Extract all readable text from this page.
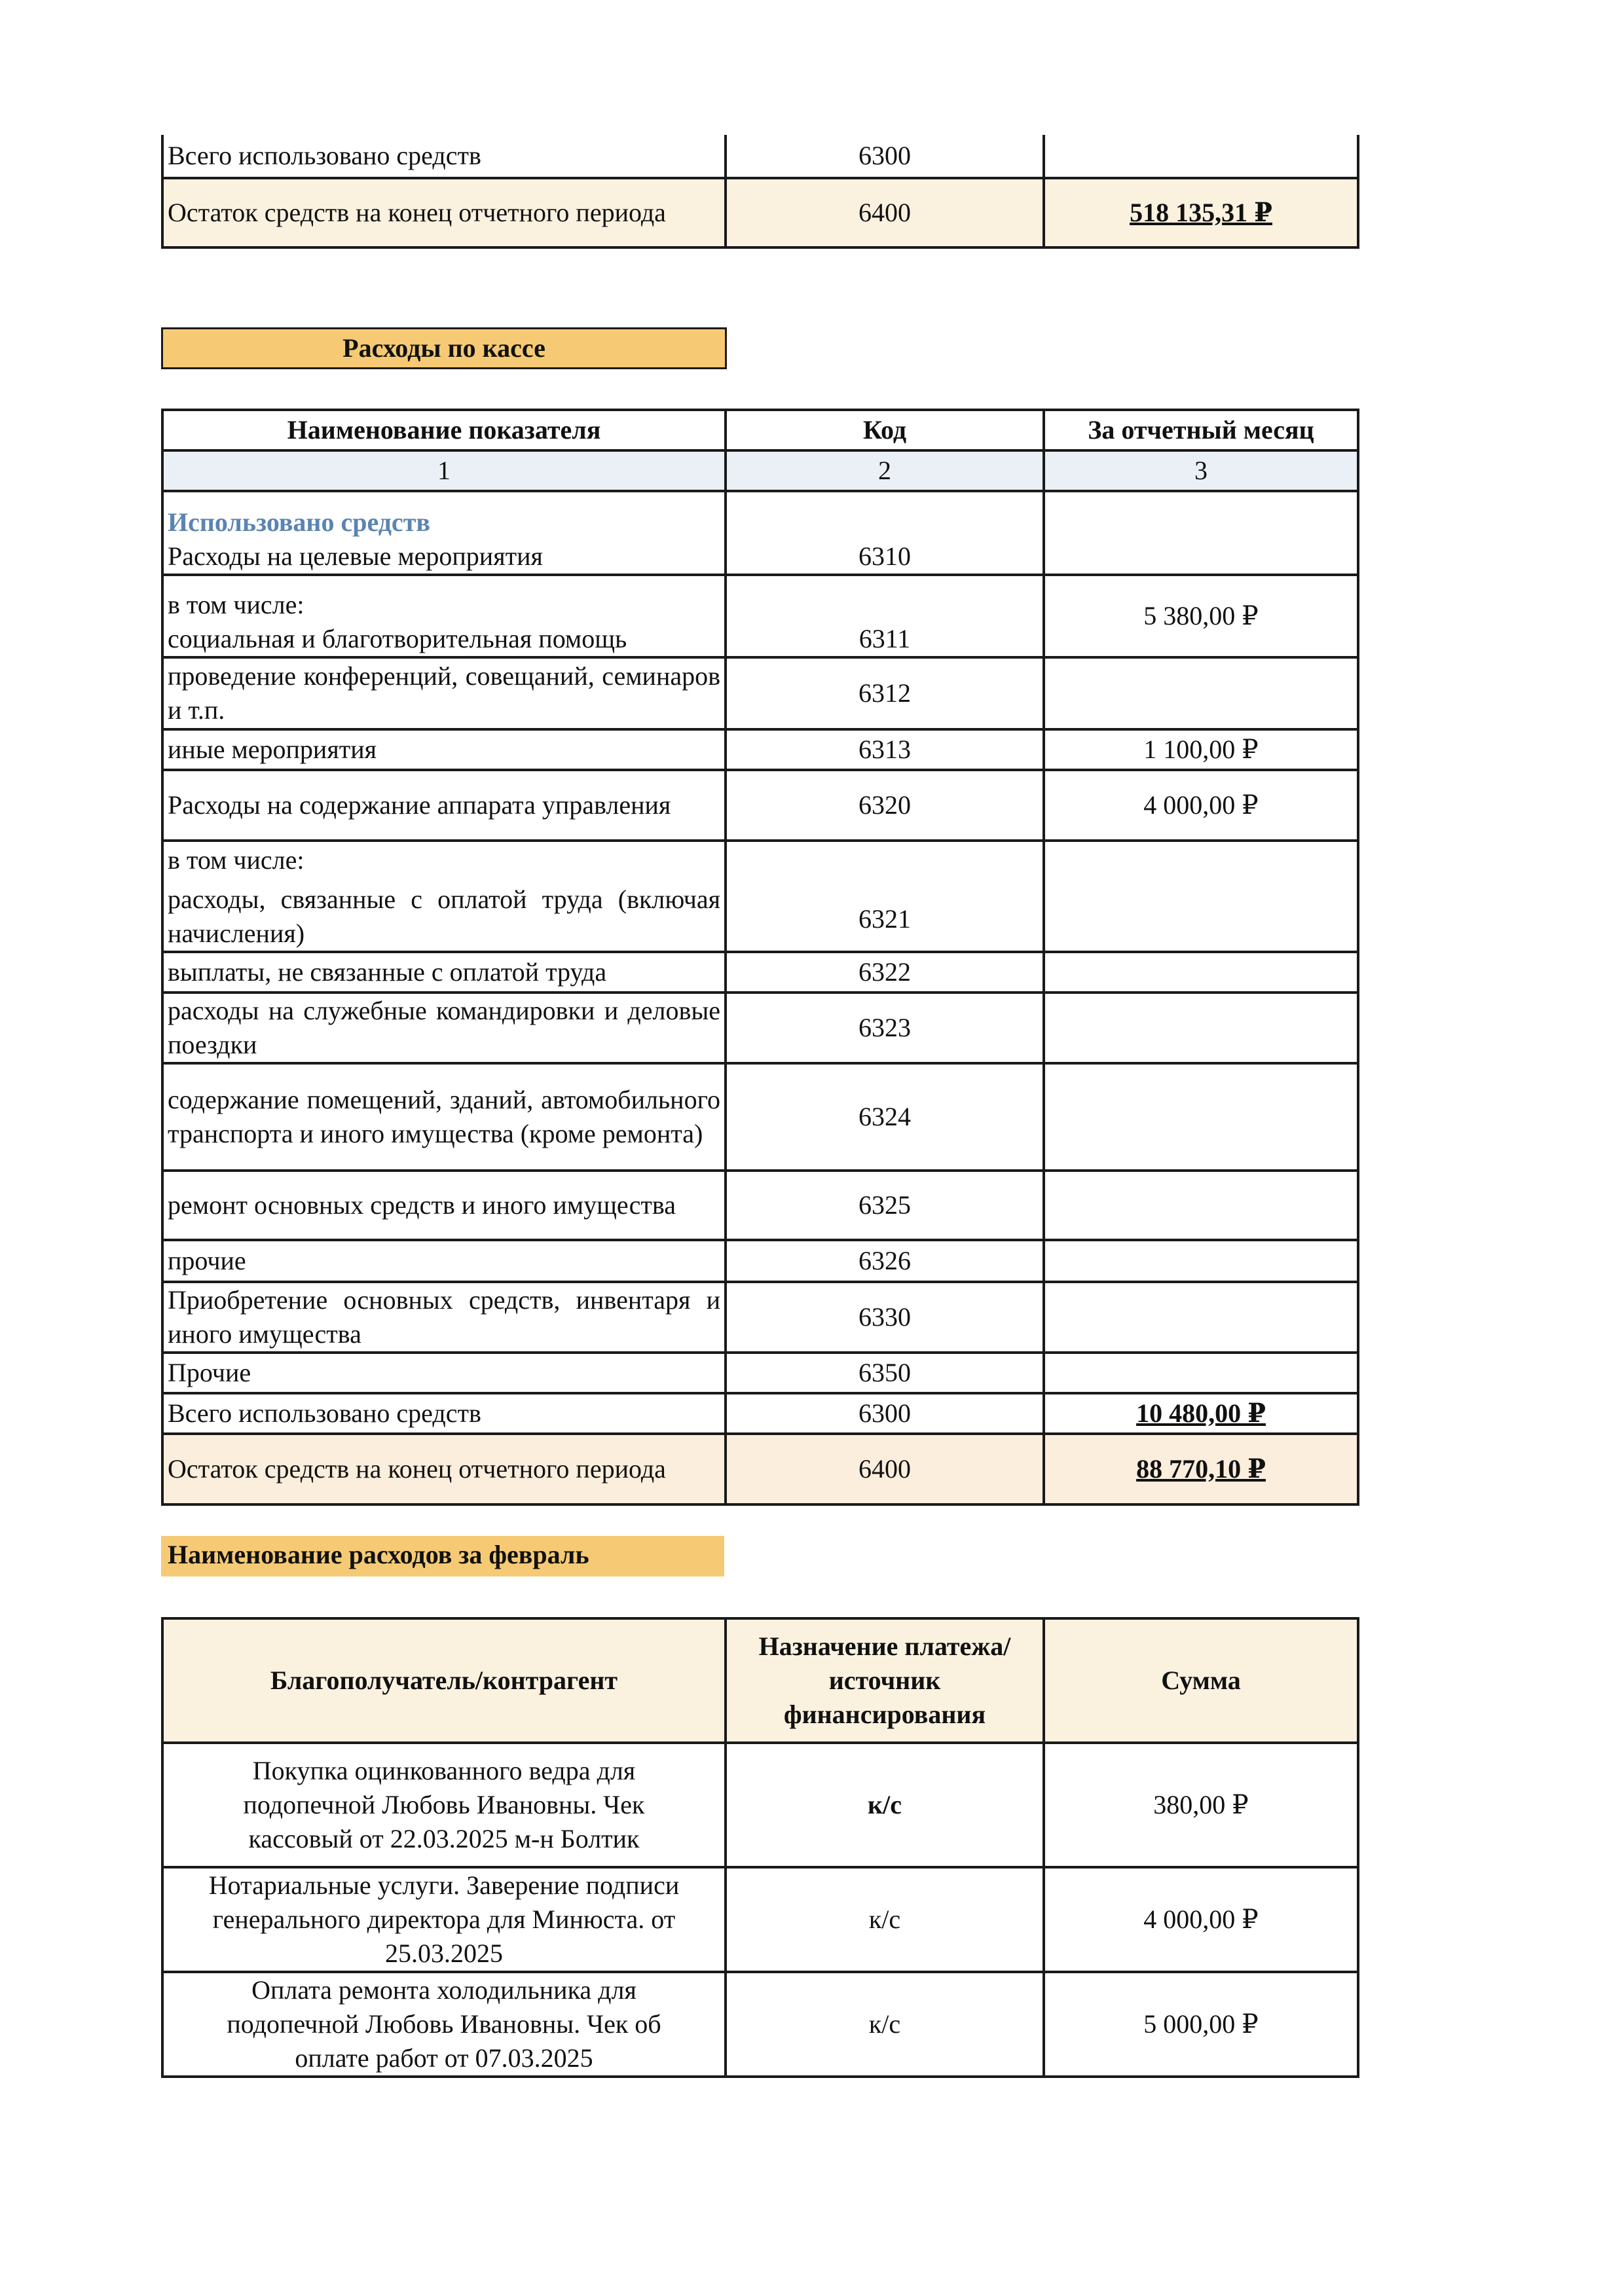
Всего использовано средств	6300	
Остаток средств на конец отчетного периода	6400	518 135,31 ₽
Расходы по кассе
Наименование показателя	Код	За отчетный месяц
1	2	3

Использовано средств
Расходы на целевые мероприятия	6310	

в том числе:
социальная и благотворительная помощь	6311	5 380,00 ₽
проведение конференций, совещаний, семинаров и т.п.	6312	
иные мероприятия	6313	1 100,00 ₽
Расходы на содержание аппарата управления	6320	4 000,00 ₽

в том числе:
расходы, связанные с оплатой труда (включая начисления)	6321	
выплаты, не связанные с оплатой труда	6322	
расходы на служебные командировки и деловые поездки	6323	
содержание помещений, зданий, автомобильного транспорта и иного имущества (кроме ремонта)	6324	
ремонт основных средств и иного имущества	6325	
прочие	6326	
Приобретение основных средств, инвентаря и иного имущества	6330	
Прочие	6350	
Всего использовано средств	6300	10 480,00 ₽
Остаток средств на конец отчетного периода	6400	88 770,10 ₽
Наименование расходов за февраль
Благополучатель/контрагент	Назначение платежа/ источник финансирования	Сумма
Покупка оцинкованного ведра для подопечной Любовь Ивановны. Чек кассовый от 22.03.2025 м-н Болтик	к/с	380,00 ₽
Нотариальные услуги. Заверение подписи генерального директора для Минюста. от 25.03.2025	к/с	4 000,00 ₽
Оплата ремонта холодильника для подопечной Любовь Ивановны. Чек об оплате работ от 07.03.2025	к/с	5 000,00 ₽
